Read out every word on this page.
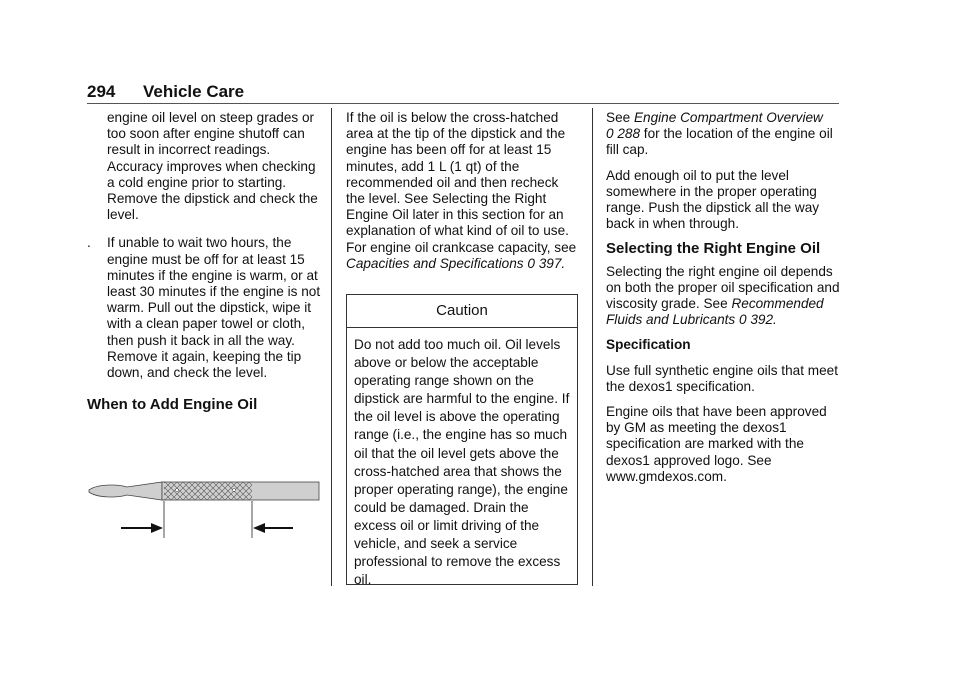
294 Vehicle Care

engine oil level on steep grades or too soon after engine shutoff can result in incorrect readings. Accuracy improves when checking a cold engine prior to starting. Remove the dipstick and check the level.

.	If unable to wait two hours, the engine must be off for at least 15 minutes if the engine is warm, or at least 30 minutes if the engine is not warm. Pull out the dipstick, wipe it with a clean paper towel or cloth, then push it back in all the way. Remove it again, keeping the tip down, and check the level.
When to Add Engine Oil

If the oil is below the cross-hatched area at the tip of the dipstick and the engine has been off for at least 15 minutes, add 1 L (1 qt) of the recommended oil and then recheck the level. See Selecting the Right Engine Oil later in this section for an explanation of what kind of oil to use. For engine oil crankcase capacity, see Capacities and Specifications 0 397.

Caution
Do not add too much oil. Oil levels above or below the acceptable operating range shown on the dipstick are harmful to the engine. If the oil level is above the operating range (i.e., the engine has so much oil that the oil level gets above the cross-hatched area that shows the proper operating range), the engine could be damaged. Drain the excess oil or limit driving of the vehicle, and seek a service professional to remove the excess oil.

See Engine Compartment Overview
0 288 for the location of the engine oil fill cap.

Add enough oil to put the level somewhere in the proper operating range. Push the dipstick all the way back in when through.

Selecting the Right Engine Oil

Selecting the right engine oil depends on both the proper oil specification and viscosity grade. See Recommended Fluids and Lubricants 0 392.

Specification

Use full synthetic engine oils that meet the dexos1 specification.

Engine oils that have been approved by GM as meeting the dexos1 specification are marked with the dexos1 approved logo. See www.gmdexos.com.
